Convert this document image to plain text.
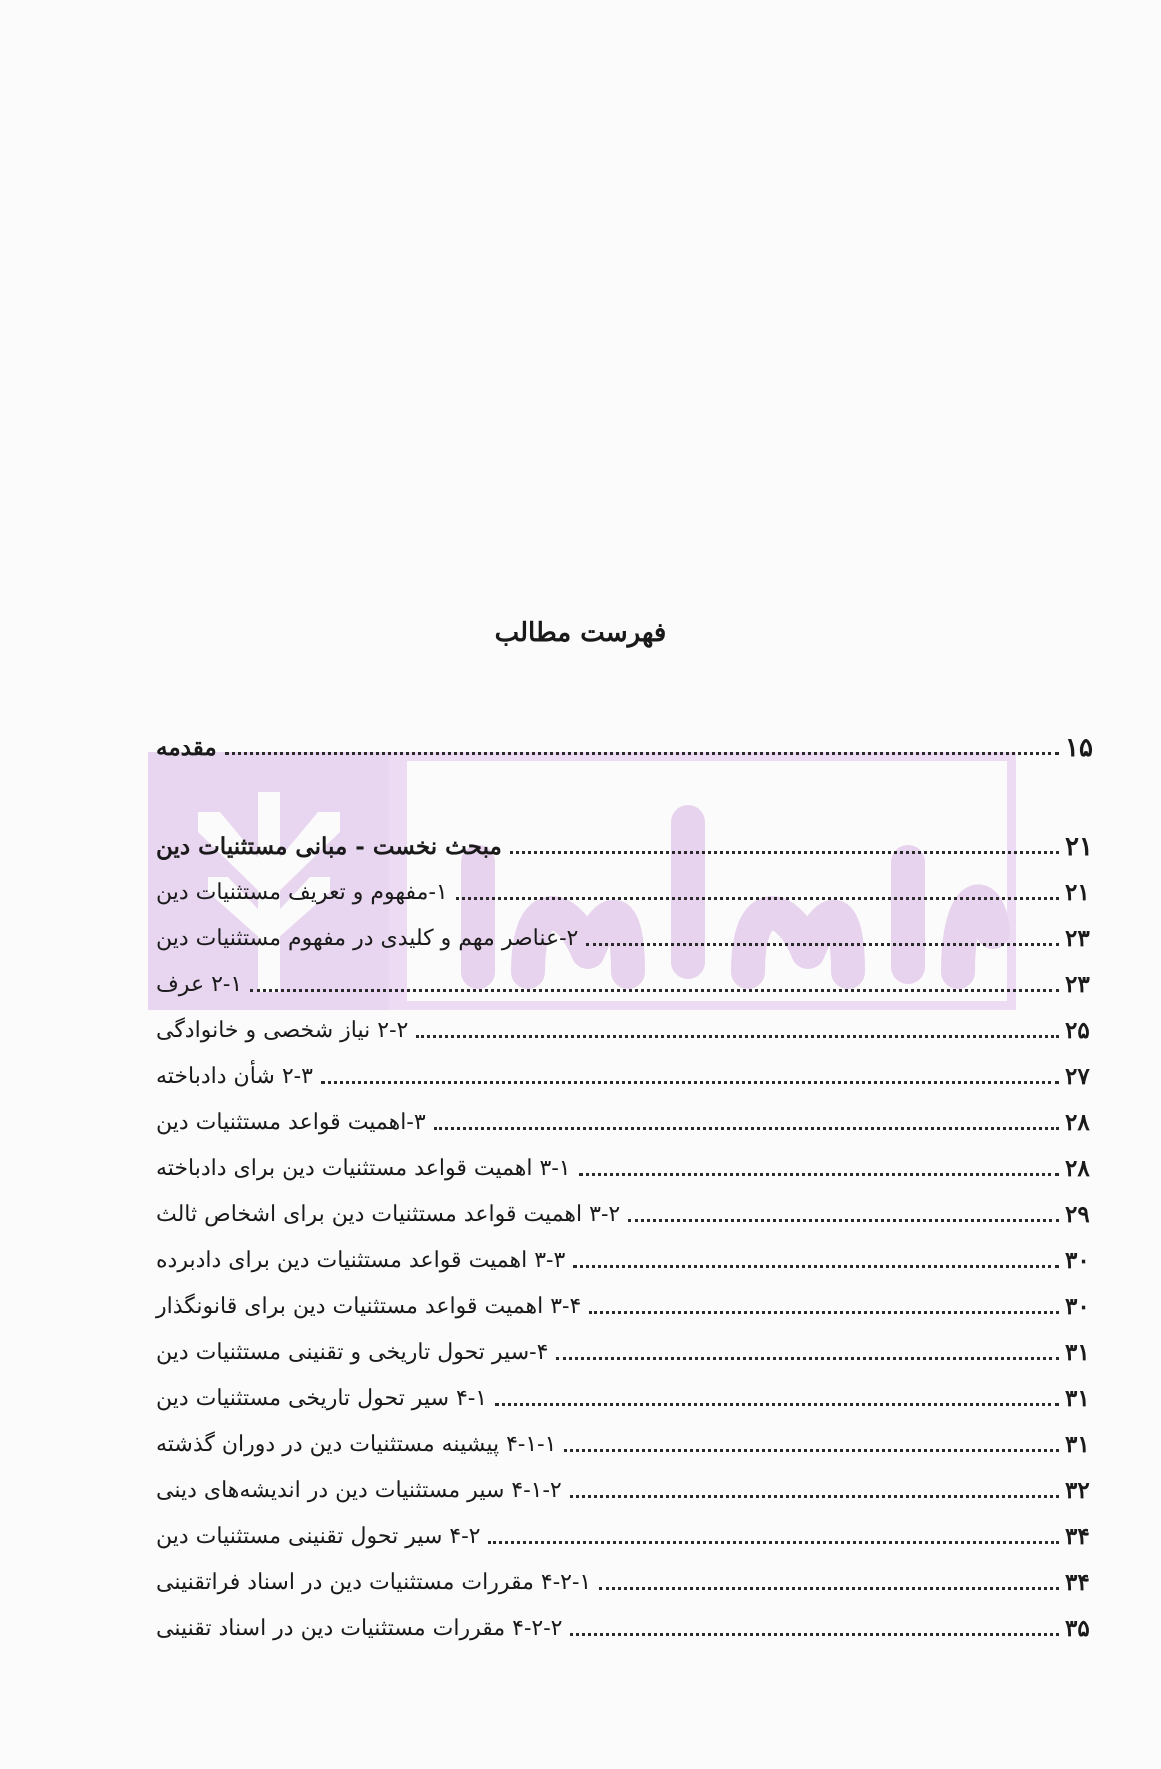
فهرست مطالب
مقدمه	۱۵
مبحث نخست - مبانی مستثنیات دین	۲۱
۱-مفهوم و تعریف مستثنیات دین	۲۱
۲-عناصر مهم و کلیدی در مفهوم مستثنیات دین	۲۳
۲-۱ عرف	۲۳
۲-۲ نیاز شخصی و خانوادگی	۲۵
۲-۳ شأن دادباخته	۲۷
۳-اهمیت قواعد مستثنیات دین	۲۸
۳-۱ اهمیت قواعد مستثنیات دین برای دادباخته	۲۸
۳-۲ اهمیت قواعد مستثنیات دین برای اشخاص ثالث	۲۹
۳-۳ اهمیت قواعد مستثنیات دین برای دادبرده	۳۰
۳-۴ اهمیت قواعد مستثنیات دین برای قانونگذار	۳۰
۴-سیر تحول تاریخی و تقنینی مستثنیات دین	۳۱
۴-۱ سیر تحول تاریخی مستثنیات دین	۳۱
۴-۱-۱ پیشینه مستثنیات دین در دوران گذشته	۳۱
۴-۱-۲ سیر مستثنیات دین در اندیشه‌های دینی	۳۲
۴-۲ سیر تحول تقنینی مستثنیات دین	۳۴
۴-۲-۱ مقررات مستثنیات دین در اسناد فراتقنینی	۳۴
۴-۲-۲ مقررات مستثنیات دین در اسناد تقنینی	۳۵
